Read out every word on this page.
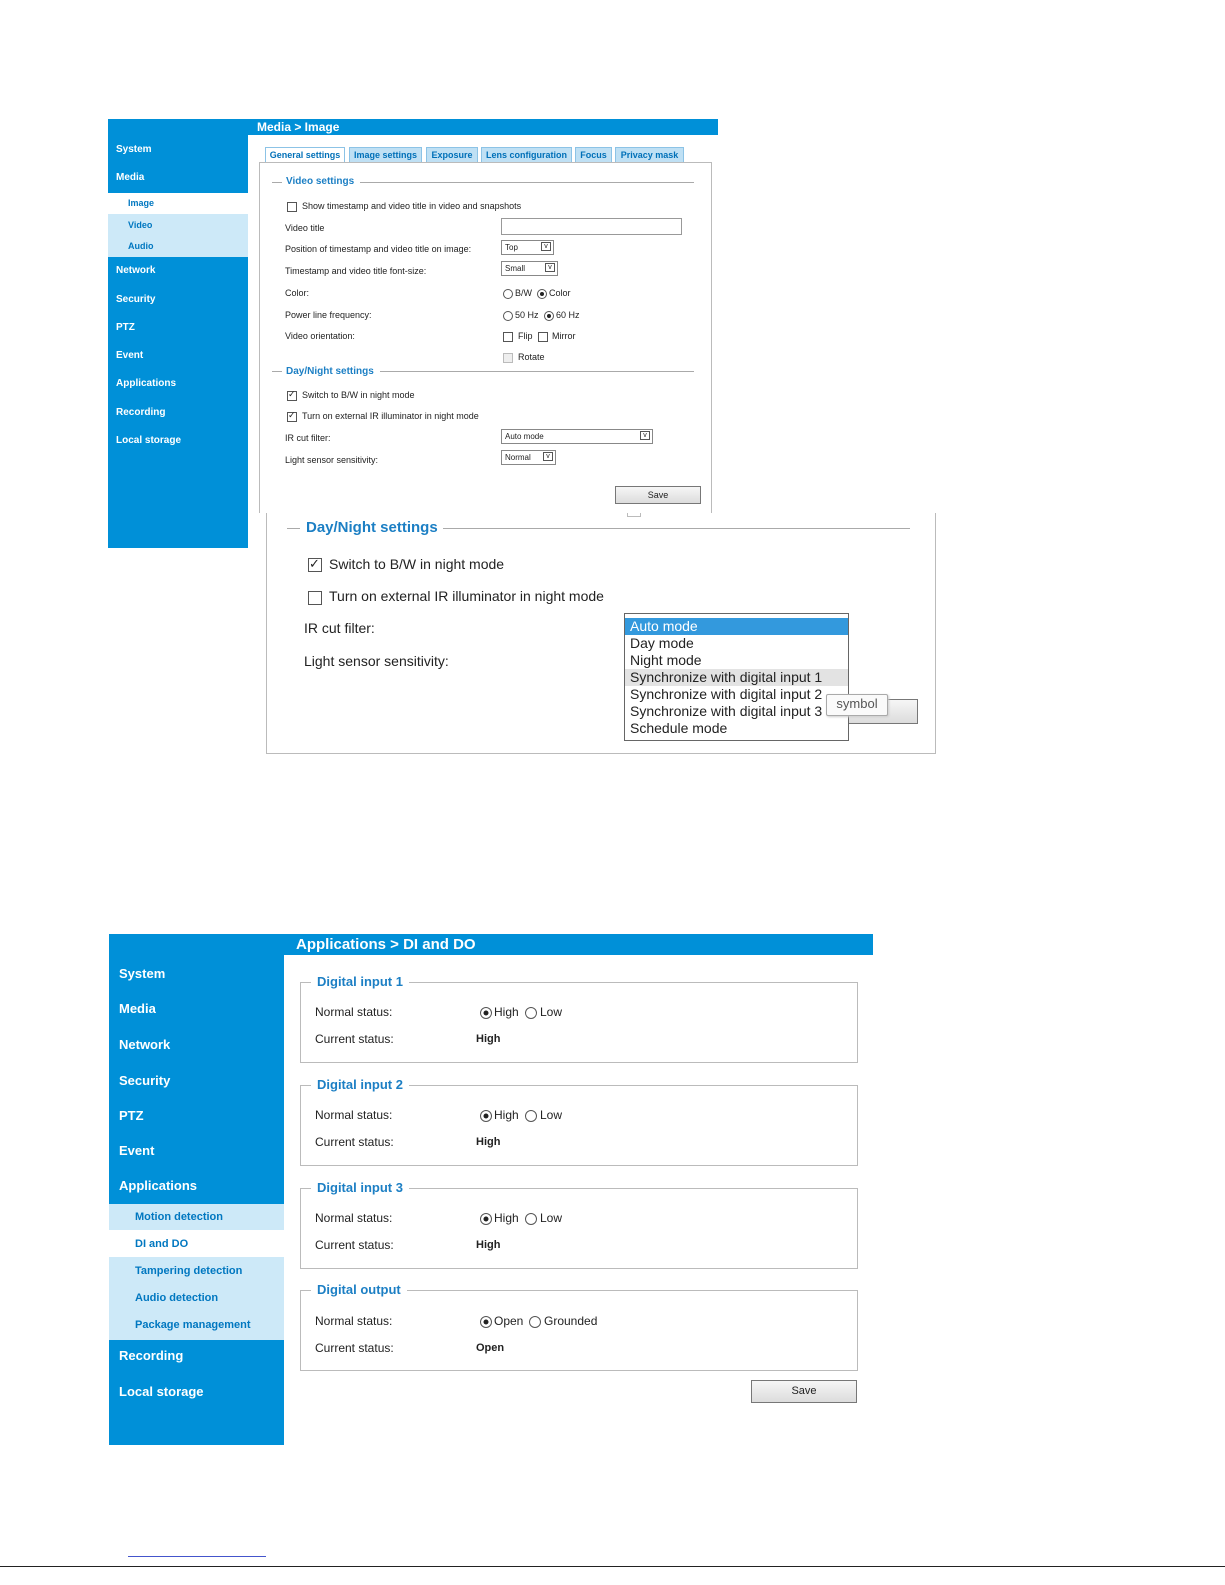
Media > Image
System
Media
Image
Video
Audio
Network
Security
PTZ
Event
Applications
Recording
Local storage
General settings	Image settings	Exposure	Lens configuration	Focus	Privacy mask
Video settings
Show timestamp and video title in video and snapshots
Video title
Position of timestamp and video title on image:	Top	v
Timestamp and video title font-size:	Small	v
Color:	B/W Color
Power line frequency:	50 Hz 60 Hz
Video orientation:	Flip Mirror
Rotate
Day/Night settings
✓
Switch to B/W in night mode
✓
Turn on external IR illuminator in night mode
IR cut filter:	Auto mode	v
Light sensor sensitivity:	Normal	v
Save
Day/Night settings
✓
Switch to B/W in night mode
Turn on external IR illuminator in night mode
IR cut filter:
Light sensor sensitivity:
Auto mode
Day mode
Night mode
Synchronize with digital input 1
Synchronize with digital input 2
Synchronize with digital input 3
Schedule mode
symbol
Applications > DI and DO
System
Media
Network
Security
PTZ
Event
Applications
Motion detection
DI and DO
Tampering detection
Audio detection
Package management
Recording
Local storage
Digital input 1
Normal status:	High Low
Current status:	High
Digital input 2
Normal status:	High Low
Current status:	High
Digital input 3
Normal status:	High Low
Current status:	High
Digital output
Normal status:	Open Grounded
Current status:	Open
Save
